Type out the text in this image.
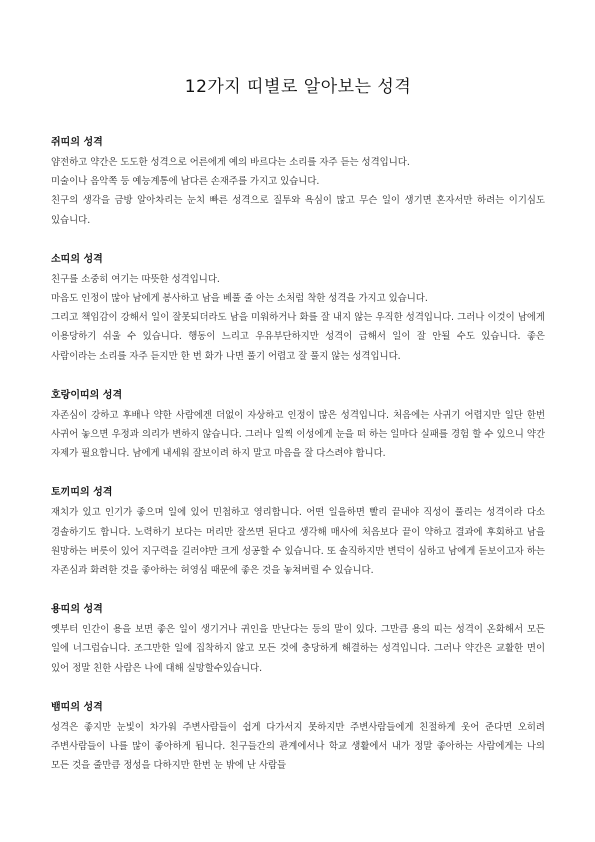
12가지 띠별로 알아보는 성격
쥐띠의 성격

얌전하고 약간은 도도한 성격으로 어른에게 예의 바르다는 소리를 자주 듣는 성격입니다.

미술이나 음악쪽 등 예능계통에 남다른 손재주를 가지고 있습니다.

친구의 생각을 금방 알아차리는 눈치 빠른 성격으로 질투와 욕심이 많고 무슨 일이 생기면 혼자서만 하려는 이기심도 있습니다.

소띠의 성격

친구를 소중히 여기는 따뜻한 성격입니다.

마음도 인정이 많아 남에게 봉사하고 남을 베풀 줄 아는 소처럼 착한 성격을 가지고 있습니다.

그리고 책임감이 강해서 일이 잘못되더라도 남을 미워하거나 화를 잘 내지 않는 우직한 성격입니다. 그러나 이것이 남에게 이용당하기 쉬울 수 있습니다. 행동이 느리고 우유부단하지만 성격이 급해서 일이 잘 안될 수도 있습니다. 좋은 사람이라는 소리를 자주 듣지만 한 번 화가 나면 풀기 어렵고 잘 풀지 않는 성격입니다.

호랑이띠의 성격

자존심이 강하고 후배나 약한 사람에겐 더없이 자상하고 인정이 많은 성격입니다. 처음에는 사귀기 어렵지만 일단 한번 사귀어 놓으면 우정과 의리가 변하지 않습니다. 그러나 일찍 이성에게 눈을 떠 하는 일마다 실패를 경험 할 수 있으니 약간 자제가 필요합니다. 남에게 내세워 잘보이려 하지 말고 마음을 잘 다스려야 합니다.

토끼띠의 성격

재치가 있고 인기가 좋으며 일에 있어 민첩하고 영리합니다. 어떤 일을하면 빨리 끝내야 직성이 풀리는 성격이라 다소 경솔하기도 합니다. 노력하기 보다는 머리만 잘쓰면 된다고 생각해 매사에 처음보다 끝이 약하고 결과에 후회하고 남을 원망하는 버릇이 있어 지구력을 길러야만 크게 성공할 수 있습니다. 또 솔직하지만 변덕이 심하고 남에게 돋보이고자 하는 자존심과 화려한 것을 좋아하는 허영심 때문에 좋은 것을 놓쳐버릴 수 있습니다.

용띠의 성격

옛부터 인간이 용을 보면 좋은 일이 생기거나 귀인을 만난다는 등의 말이 있다. 그만큼 용의 띠는 성격이 온화해서 모든 일에 너그럽습니다. 조그만한 일에 집착하지 않고 모든 것에 충당하게 해결하는 성격입니다. 그러나 약간은 교활한 면이 있어 정말 친한 사람은 나에 대해 실망할수있습니다.

뱀띠의 성격

성격은 좋지만 눈빛이 차가워 주변사람들이 쉽게 다가서지 못하지만 주변사람들에게 친절하게 웃어 준다면 오히려 주변사람들이 나를 많이 좋아하게 됩니다. 친구들간의 관계에서나 학교 생활에서 내가 정말 좋아하는 사람에게는 나의 모든 것을 줄만큼 정성을 다하지만 한번 눈 밖에 난 사람들
